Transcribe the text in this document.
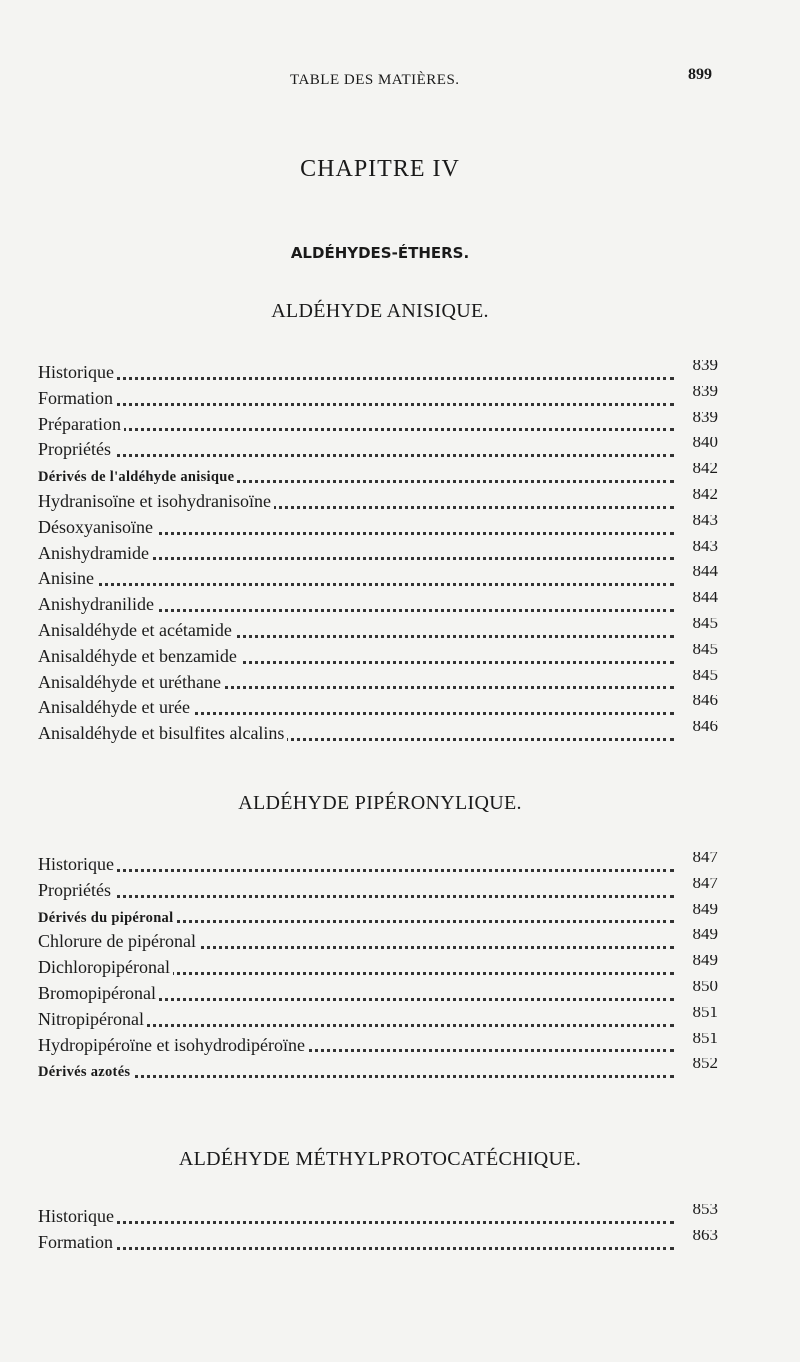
TABLE DES MATIÈRES.	899
CHAPITRE IV
ALDÉHYDES-ÉTHERS.
ALDÉHYDE ANISIQUE.
Historique	839
Formation	839
Préparation	839
Propriétés	840
Dérivés de l'aldéhyde anisique	842
Hydranisoïne et isohydranisoïne	842
Désoxyanisoïne	843
Anishydramide	843
Anisine	844
Anishydranilide	844
Anisaldéhyde et acétamide	845
Anisaldéhyde et benzamide	845
Anisaldéhyde et uréthane	845
Anisaldéhyde et urée	846
Anisaldéhyde et bisulfites alcalins	846
ALDÉHYDE PIPÉRONYLIQUE.
Historique	847
Propriétés	847
Dérivés du pipéronal	849
Chlorure de pipéronal	849
Dichloropipéronal	849
Bromopipéronal	850
Nitropipéronal	851
Hydropipéroïne et isohydrodipéroïne	851
Dérivés azotés	852
ALDÉHYDE MÉTHYLPROTOCATÉCHIQUE.
Historique	853
Formation	863
